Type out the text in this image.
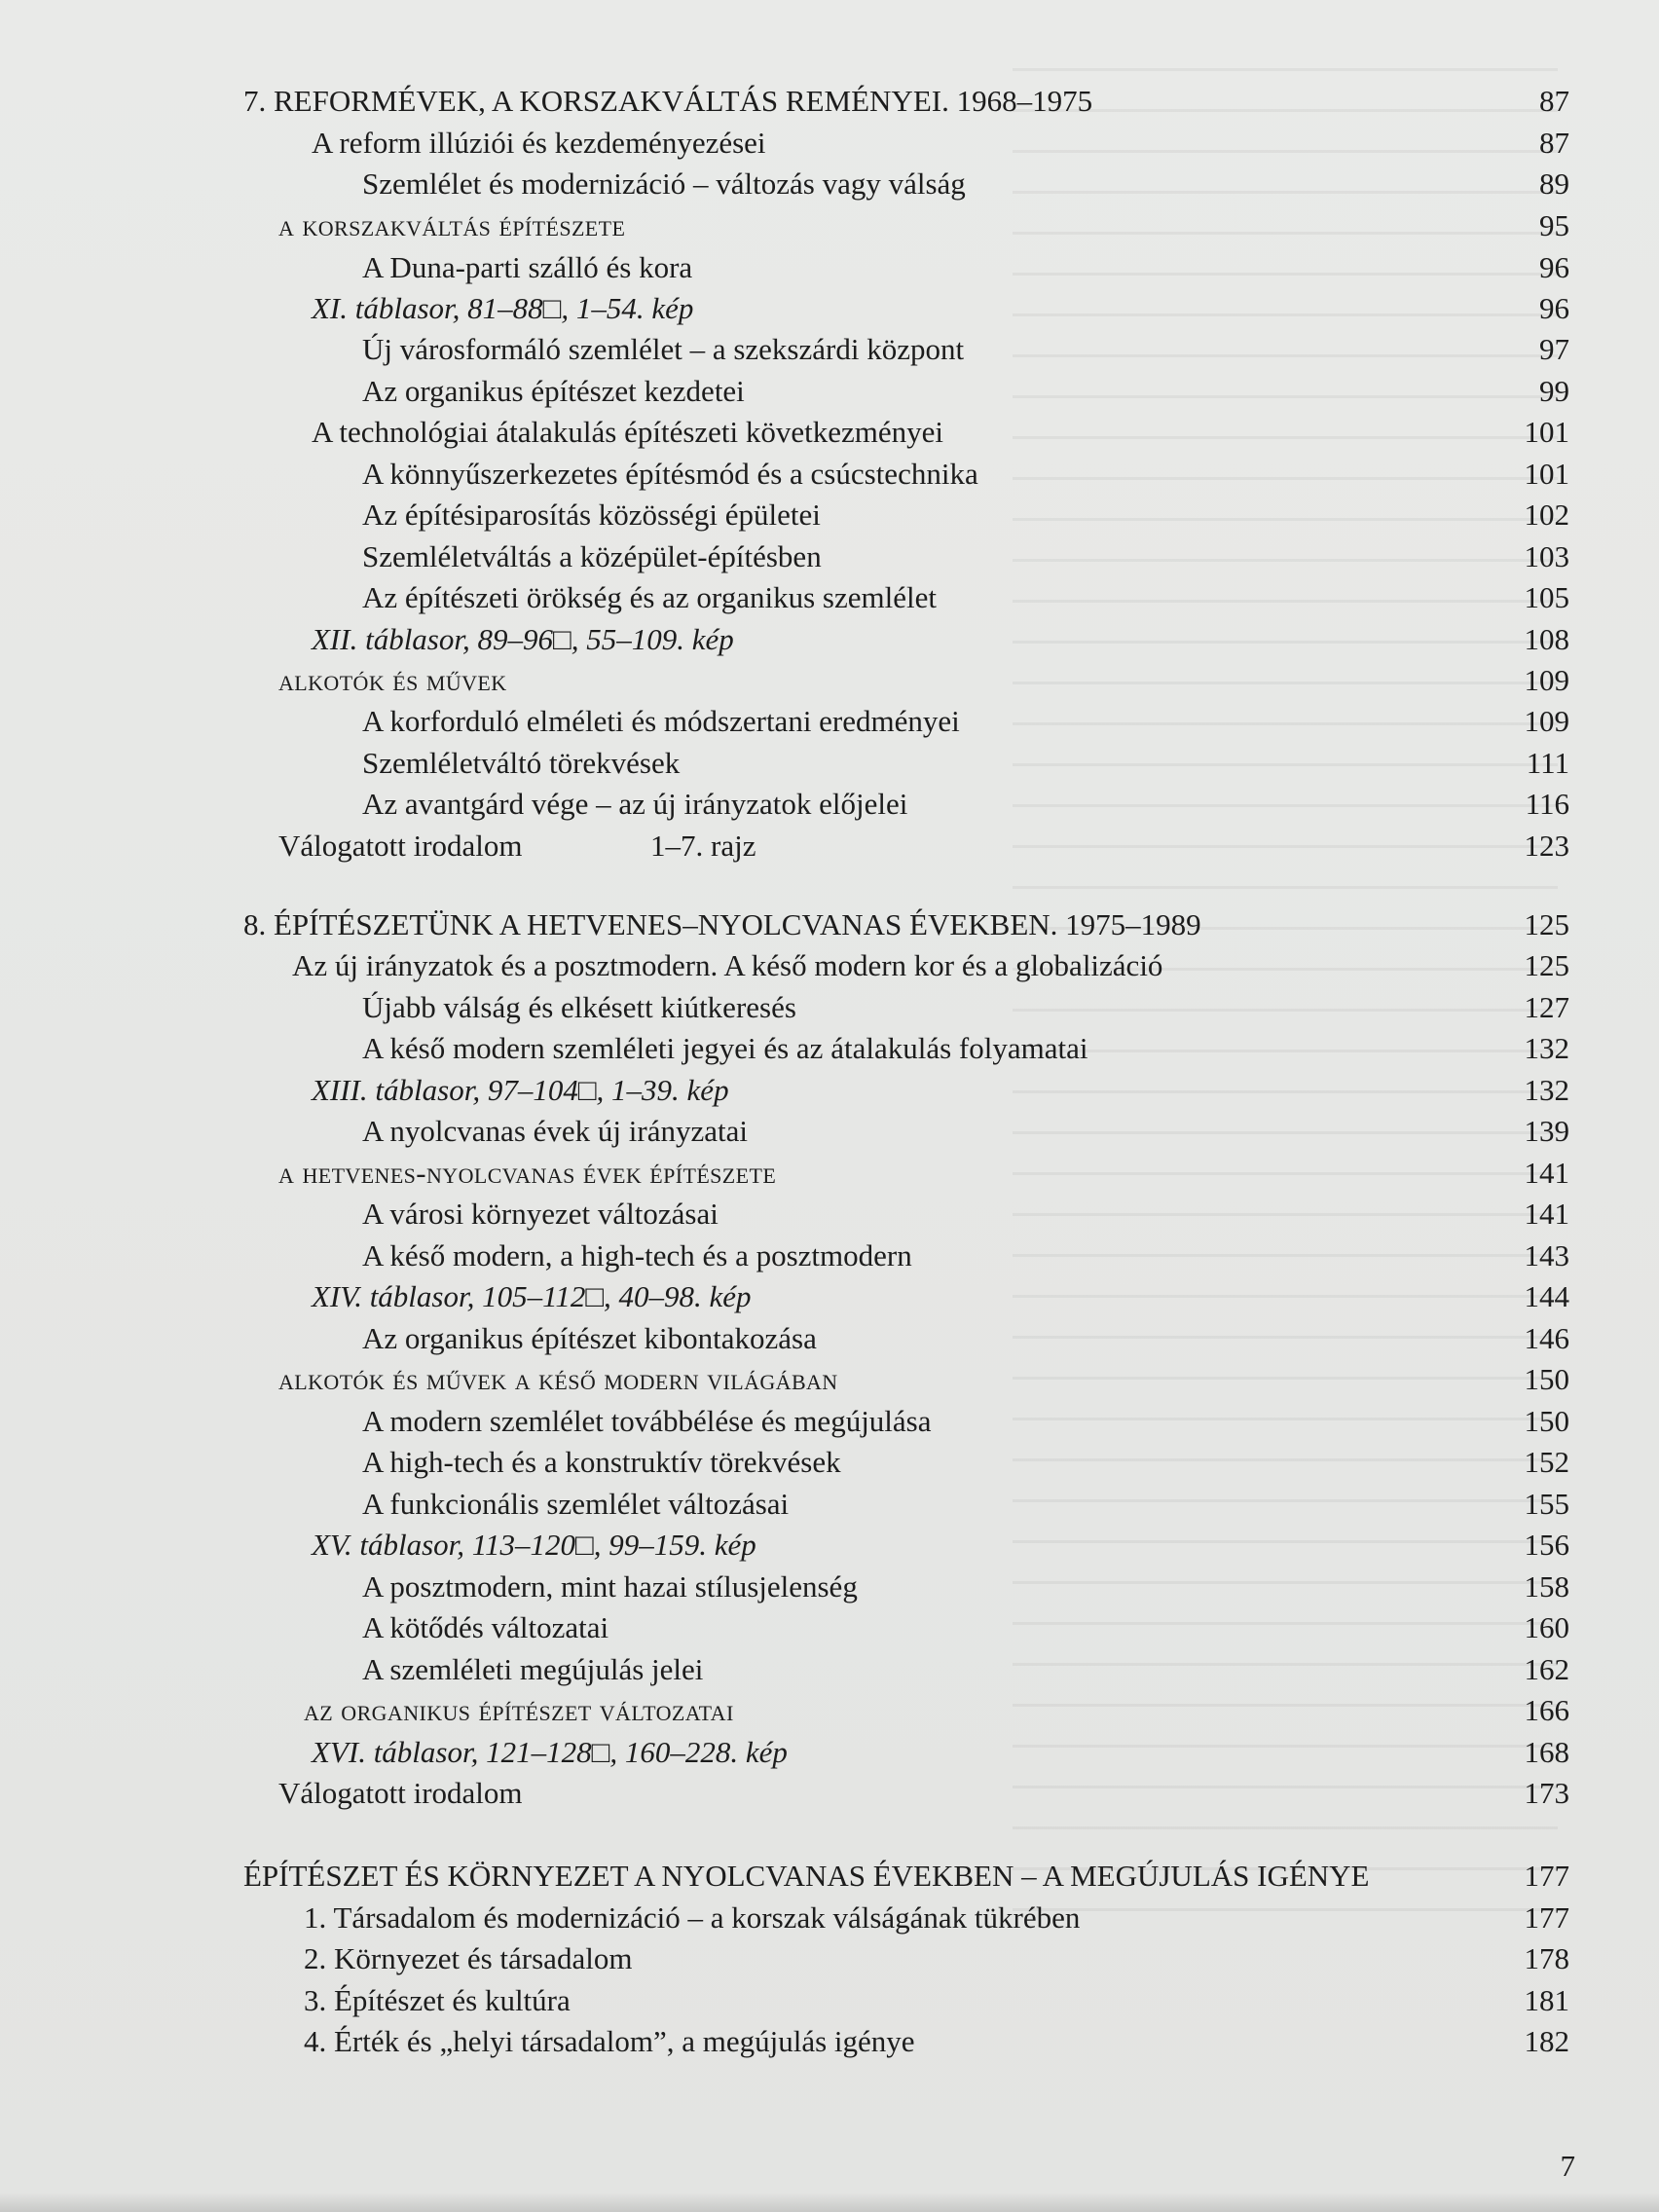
7. REFORMÉVEK, A KORSZAKVÁLTÁS REMÉNYEI. 1968–1975	87
A reform illúziói és kezdeményezései	87
Szemlélet és modernizáció – változás vagy válság	89
a korszakváltás építészete	95
A Duna-parti szálló és kora	96
XI. táblasor, 81–88□, 1–54. kép	96
Új városformáló szemlélet – a szekszárdi központ	97
Az organikus építészet kezdetei	99
A technológiai átalakulás építészeti következményei	101
A könnyűszerkezetes építésmód és a csúcstechnika	101
Az építésiparosítás közösségi épületei	102
Szemléletváltás a középület-építésben	103
Az építészeti örökség és az organikus szemlélet	105
XII. táblasor, 89–96□, 55–109. kép	108
alkotók és művek	109
A korforduló elméleti és módszertani eredményei	109
Szemléletváltó törekvések	111
Az avantgárd vége – az új irányzatok előjelei	116
Válogatott irodalom	1–7. rajz	123
8. ÉPÍTÉSZETÜNK A HETVENES–NYOLCVANAS ÉVEKBEN. 1975–1989	125
Az új irányzatok és a posztmodern. A késő modern kor és a globalizáció	125
Újabb válság és elkésett kiútkeresés	127
A késő modern szemléleti jegyei és az átalakulás folyamatai	132
XIII. táblasor, 97–104□, 1–39. kép	132
A nyolcvanas évek új irányzatai	139
a hetvenes-nyolcvanas évek építészete	141
A városi környezet változásai	141
A késő modern, a high-tech és a posztmodern	143
XIV. táblasor, 105–112□, 40–98. kép	144
Az organikus építészet kibontakozása	146
alkotók és művek a késő modern világában	150
A modern szemlélet továbbélése és megújulása	150
A high-tech és a konstruktív törekvések	152
A funkcionális szemlélet változásai	155
XV. táblasor, 113–120□, 99–159. kép	156
A posztmodern, mint hazai stílusjelenség	158
A kötődés változatai	160
A szemléleti megújulás jelei	162
az organikus építészet változatai	166
XVI. táblasor, 121–128□, 160–228. kép	168
Válogatott irodalom	173
ÉPÍTÉSZET ÉS KÖRNYEZET A NYOLCVANAS ÉVEKBEN – A MEGÚJULÁS IGÉNYE	177
1. Társadalom és modernizáció – a korszak válságának tükrében	177
2. Környezet és társadalom	178
3. Építészet és kultúra	181
4. Érték és „helyi társadalom”, a megújulás igénye	182
7
